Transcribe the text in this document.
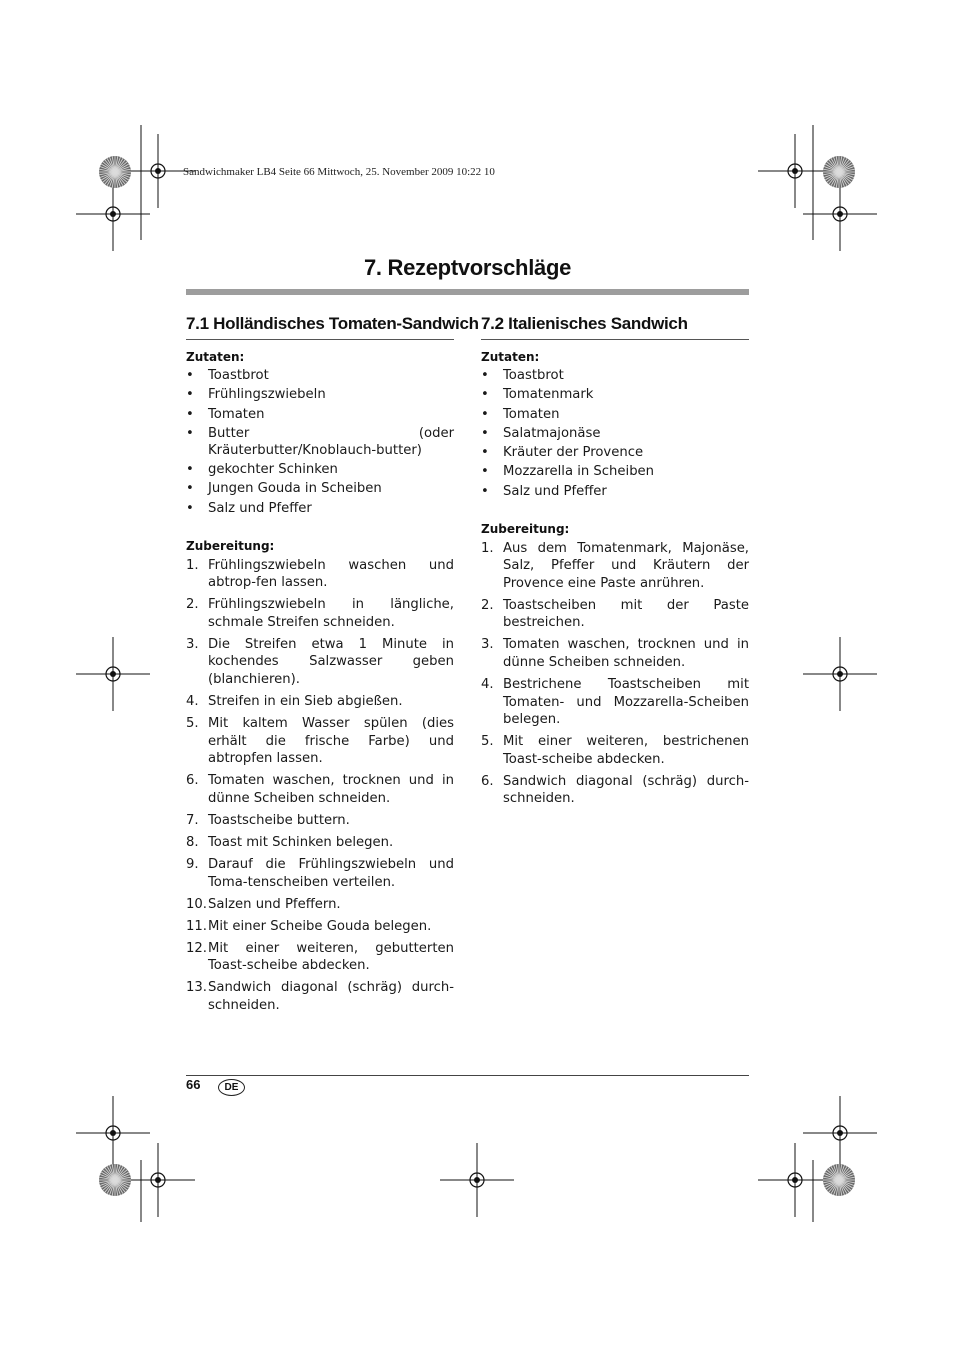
Sandwichmaker LB4 Seite 66 Mittwoch, 25. November 2009 10:22 10
7. Rezeptvorschläge
7.1 Holländisches Tomaten-Sandwich
Zutaten:
• Toastbrot
• Frühlingszwiebeln
• Tomaten
• Butter (oder Kräuterbutter/Knoblauch-butter)
• gekochter Schinken
• Jungen Gouda in Scheiben
• Salz und Pfeffer
Zubereitung:
1. Frühlingszwiebeln waschen und abtrop-fen lassen.
2. Frühlingszwiebeln in längliche, schmale Streifen schneiden.
3. Die Streifen etwa 1 Minute in kochendes Salzwasser geben (blanchieren).
4. Streifen in ein Sieb abgießen.
5. Mit kaltem Wasser spülen (dies erhält die frische Farbe) und abtropfen lassen.
6. Tomaten waschen, trocknen und in dünne Scheiben schneiden.
7. Toastscheibe buttern.
8. Toast mit Schinken belegen.
9. Darauf die Frühlingszwiebeln und Toma-tenscheiben verteilen.
10. Salzen und Pfeffern.
11. Mit einer Scheibe Gouda belegen.
12. Mit einer weiteren, gebutterten Toast-scheibe abdecken.
13. Sandwich diagonal (schräg) durch-schneiden.
7.2 Italienisches Sandwich
Zutaten:
• Toastbrot
• Tomatenmark
• Tomaten
• Salatmajonäse
• Kräuter der Provence
• Mozzarella in Scheiben
• Salz und Pfeffer
Zubereitung:
1. Aus dem Tomatenmark, Majonäse, Salz, Pfeffer und Kräutern der Provence eine Paste anrühren.
2. Toastscheiben mit der Paste bestreichen.
3. Tomaten waschen, trocknen und in dünne Scheiben schneiden.
4. Bestrichene Toastscheiben mit Tomaten- und Mozzarella-Scheiben belegen.
5. Mit einer weiteren, bestrichenen Toast-scheibe abdecken.
6. Sandwich diagonal (schräg) durch-schneiden.
66	DE
